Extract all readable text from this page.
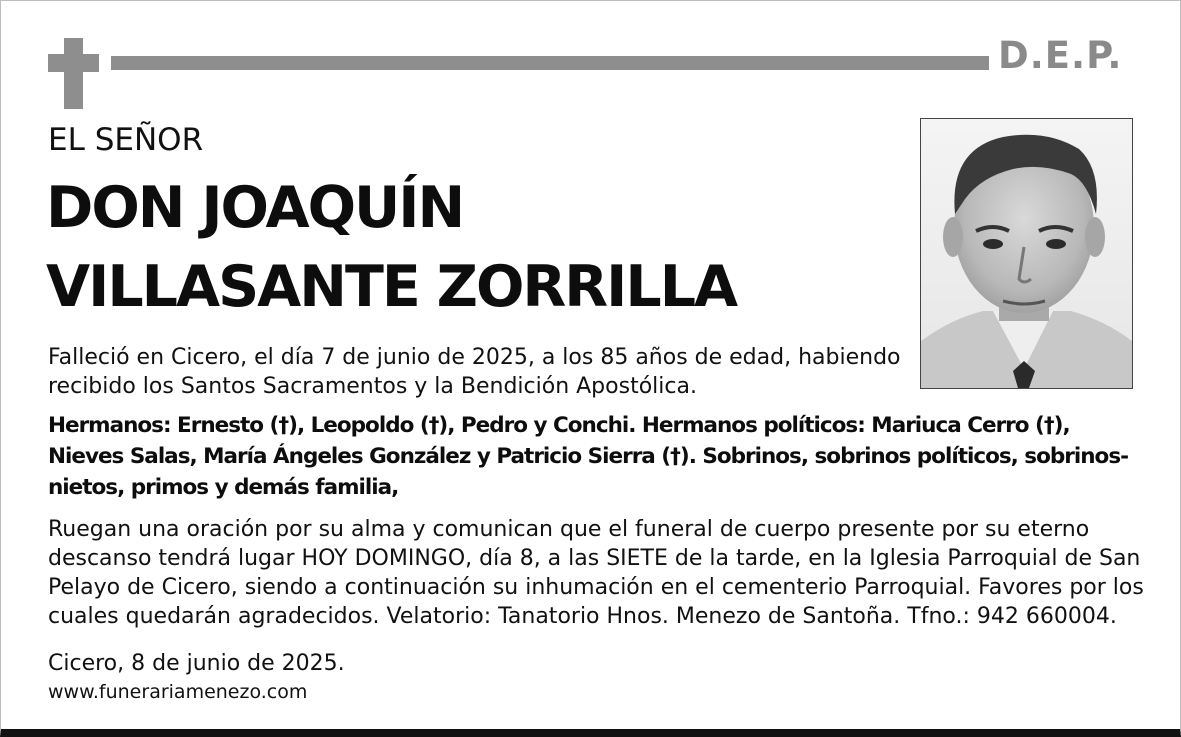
D.E.P.
EL SEÑOR
DON JOAQUÍN
VILLASANTE ZORRILLA
Falleció en Cicero, el día 7 de junio de 2025, a los 85 años de edad, habiendo recibido los Santos Sacramentos y la Bendición Apostólica.
Hermanos: Ernesto (†), Leopoldo (†), Pedro y Conchi. Hermanos políticos: Mariuca Cerro (†), Nieves Salas, María Ángeles González y Patricio Sierra (†). Sobrinos, sobrinos políticos, sobrinos-nietos, primos y demás familia,
Ruegan una oración por su alma y comunican que el funeral de cuerpo presente por su eterno descanso tendrá lugar HOY DOMINGO, día 8, a las SIETE de la tarde, en la Iglesia Parroquial de San Pelayo de Cicero, siendo a continuación su inhumación en el cementerio Parroquial. Favores por los cuales quedarán agradecidos. Velatorio: Tanatorio Hnos. Menezo de Santoña. Tfno.: 942 660004.
Cicero, 8 de junio de 2025.
www.funerariamenezo.com
